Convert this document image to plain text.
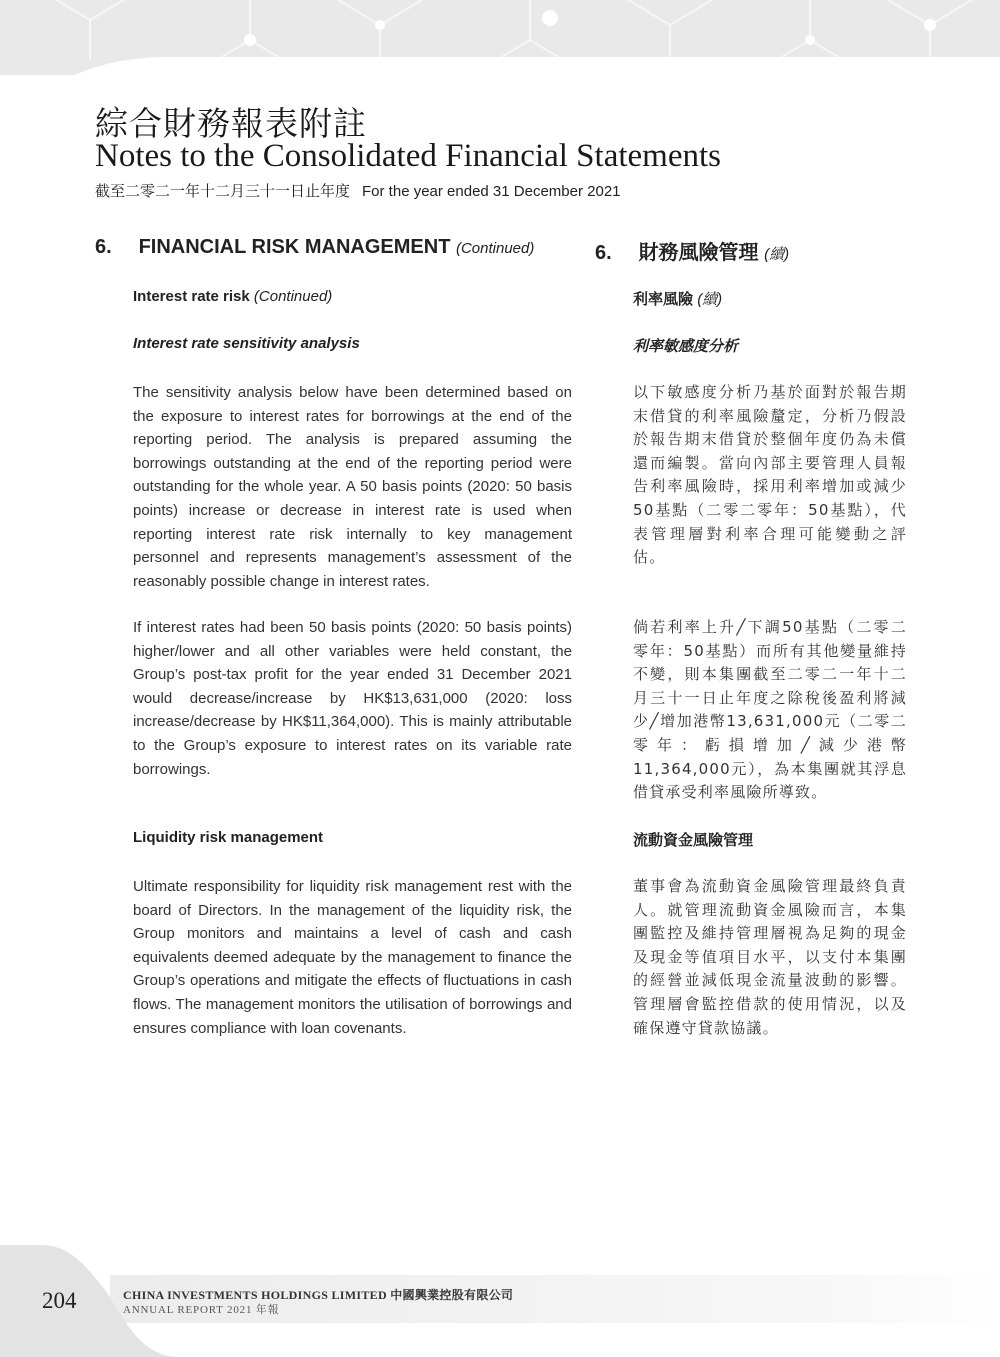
綜合財務報表附註
Notes to the Consolidated Financial Statements
截至二零二一年十二月三十一日止年度 For the year ended 31 December 2021
6. FINANCIAL RISK MANAGEMENT (Continued)
Interest rate risk (Continued)
Interest rate sensitivity analysis

The sensitivity analysis below have been determined based on the exposure to interest rates for borrowings at the end of the reporting period. The analysis is prepared assuming the borrowings outstanding at the end of the reporting period were outstanding for the whole year. A 50 basis points (2020: 50 basis points) increase or decrease in interest rate is used when reporting interest rate risk internally to key management personnel and represents management’s assessment of the reasonably possible change in interest rates.

If interest rates had been 50 basis points (2020: 50 basis points) higher/lower and all other variables were held constant, the Group’s post-tax profit for the year ended 31 December 2021 would decrease/increase by HK$13,631,000 (2020: loss increase/decrease by HK$11,364,000). This is mainly attributable to the Group’s exposure to interest rates on its variable rate borrowings.

Liquidity risk management

Ultimate responsibility for liquidity risk management rest with the board of Directors. In the management of the liquidity risk, the Group monitors and maintains a level of cash and cash equivalents deemed adequate by the management to finance the Group’s operations and mitigate the effects of fluctuations in cash flows. The management monitors the utilisation of borrowings and ensures compliance with loan covenants.

6. 財務風險管理 (續)
利率風險 (續)
利率敏感度分析

以下敏感度分析乃基於面對於報告期末借貸的利率風險釐定，分析乃假設於報告期末借貸於整個年度仍為未償還而編製。當向內部主要管理人員報告利率風險時，採用利率增加或減少50基點（二零二零年：50基點），代表管理層對利率合理可能變動之評估。

倘若利率上升╱下調50基點（二零二零年：50基點）而所有其他變量維持不變，則本集團截至二零二一年十二月三十一日止年度之除稅後盈利將減少╱增加港幣13,631,000元（二零二零年：虧損增加╱減少港幣11,364,000元），為本集團就其浮息借貸承受利率風險所導致。

流動資金風險管理

董事會為流動資金風險管理最終負責人。就管理流動資金風險而言，本集團監控及維持管理層視為足夠的現金及現金等值項目水平，以支付本集團的經營並減低現金流量波動的影響。管理層會監控借款的使用情況，以及確保遵守貸款協議。

204	CHINA INVESTMENTS HOLDINGS LIMITED 中國興業控股有限公司
ANNUAL REPORT 2021 年報
